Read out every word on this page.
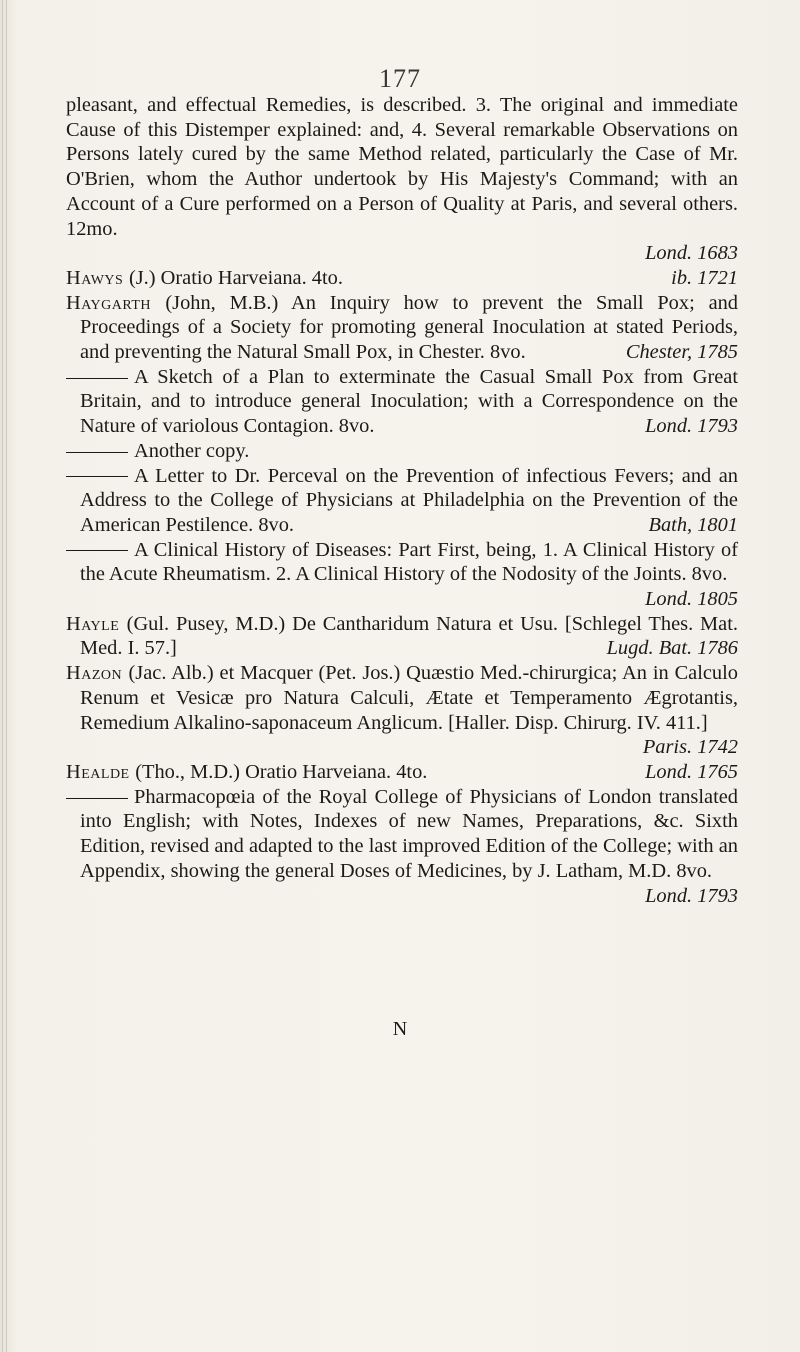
177

pleasant, and effectual Remedies, is described. 3. The original and immediate Cause of this Distemper explained: and, 4. Several remarkable Observations on Persons lately cured by the same Method related, particularly the Case of Mr. O'Brien, whom the Author undertook by His Majesty's Command; with an Account of a Cure performed on a Person of Quality at Paris, and several others. 12mo.
Lond. 1683

Hawys (J.) Oratio Harveiana. 4to.	ib. 1721

Haygarth (John, M.B.) An Inquiry how to prevent the Small Pox; and Proceedings of a Society for promoting general Inoculation at stated Periods, and preventing the Natural Small Pox, in Chester. 8vo.	Chester, 1785

A Sketch of a Plan to exterminate the Casual Small Pox from Great Britain, and to introduce general Inoculation; with a Correspondence on the Nature of variolous Contagion. 8vo.	Lond. 1793

Another copy.

A Letter to Dr. Perceval on the Prevention of infectious Fevers; and an Address to the College of Physicians at Philadelphia on the Prevention of the American Pestilence. 8vo.	Bath, 1801

A Clinical History of Diseases: Part First, being, 1. A Clinical History of the Acute Rheumatism. 2. A Clinical History of the Nodosity of the Joints. 8vo.
Lond. 1805

Hayle (Gul. Pusey, M.D.) De Cantharidum Natura et Usu. [Schlegel Thes. Mat. Med. I. 57.]	Lugd. Bat. 1786

Hazon (Jac. Alb.) et Macquer (Pet. Jos.) Quæstio Med.-chirurgica; An in Calculo Renum et Vesicæ pro Natura Calculi, Ætate et Temperamento Ægrotantis, Remedium Alkalino-saponaceum Anglicum. [Haller. Disp. Chirurg. IV. 411.]
Paris. 1742

Healde (Tho., M.D.) Oratio Harveiana. 4to.	Lond. 1765

Pharmacopœia of the Royal College of Physicians of London translated into English; with Notes, Indexes of new Names, Preparations, &c. Sixth Edition, revised and adapted to the last improved Edition of the College; with an Appendix, showing the general Doses of Medicines, by J. Latham, M.D. 8vo.
Lond. 1793

N
